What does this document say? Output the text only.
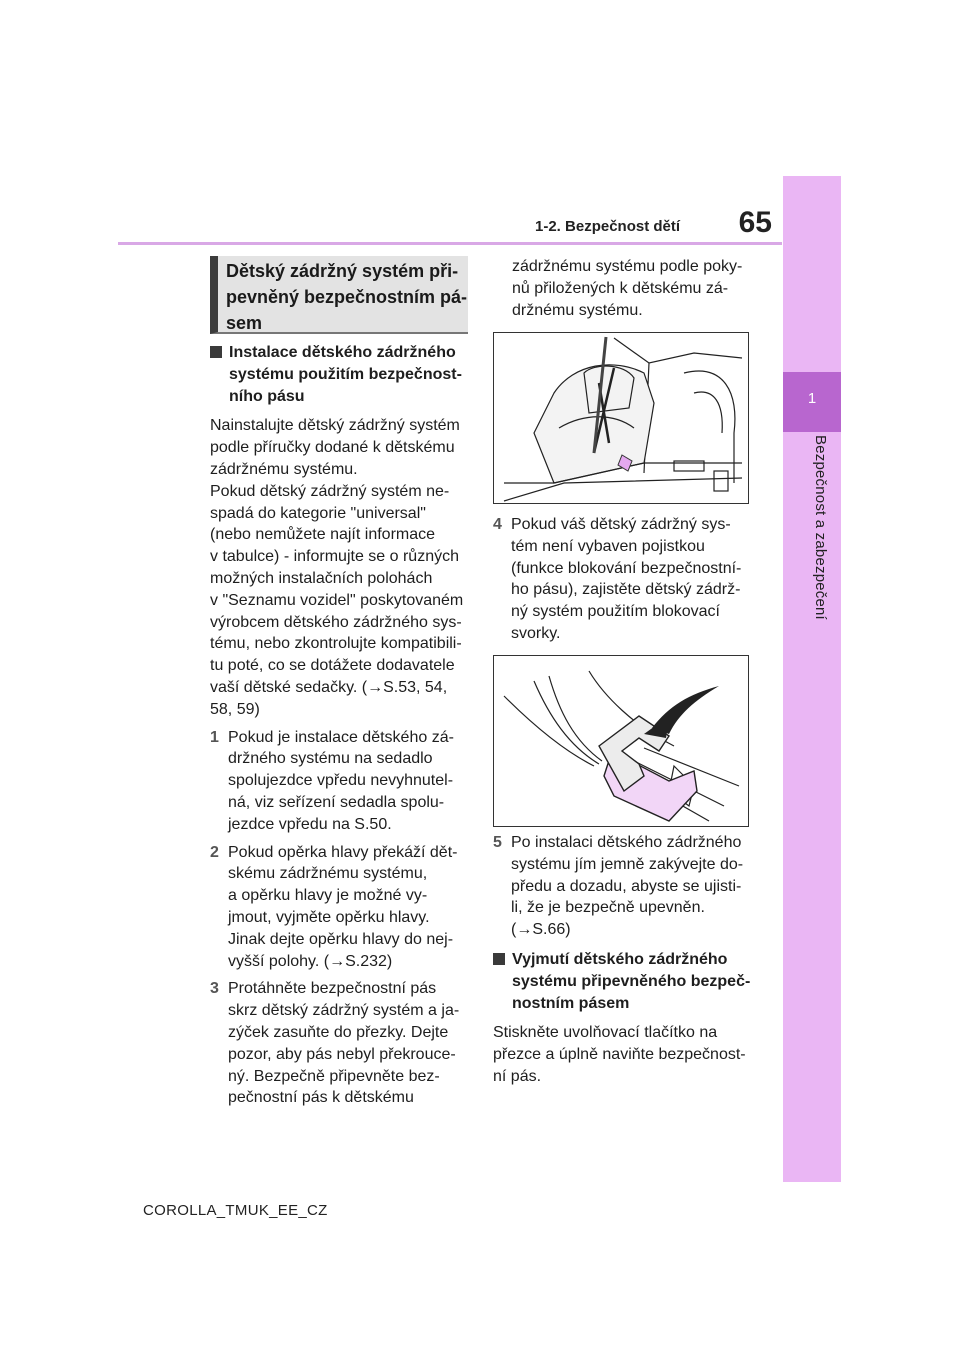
1-2. Bezpečnost dětí	65
1
Bezpečnost a zabezpečení
Dětský zádržný systém při-
pevněný bezpečnostním pá-
sem
Instalace dětského zádržného
systému použitím bezpečnost-
ního pásu
Nainstalujte dětský zádržný systém
podle příručky dodané k dětskému
zádržnému systému.
Pokud dětský zádržný systém ne-
spadá do kategorie "universal"
(nebo nemůžete najít informace
v tabulce) - informujte se o různých
možných instalačních polohách
v "Seznamu vozidel" poskytovaném
výrobcem dětského zádržného sys-
tému, nebo zkontrolujte kompatibili-
tu poté, co se dotážete dodavatele
vaší dětské sedačky. (→S.53, 54,
58, 59)
1 Pokud je instalace dětského zá-
držného systému na sedadlo
spolujezdce vpředu nevyhnutel-
ná, viz seřízení sedadla spolu-
jezdce vpředu na S.50.
2 Pokud opěrka hlavy překáží dět-
skému zádržnému systému,
a opěrku hlavy je možné vy-
jmout, vyjměte opěrku hlavy.
Jinak dejte opěrku hlavy do nej-
vyšší polohy. (→S.232)
3 Protáhněte bezpečnostní pás
skrz dětský zádržný systém a ja-
zýček zasuňte do přezky. Dejte
pozor, aby pás nebyl překrouce-
ný. Bezpečně připevněte bez-
pečnostní pás k dětskému
zádržnému systému podle poky-
nů přiložených k dětskému zá-
držnému systému.
4 Pokud váš dětský zádržný sys-
tém není vybaven pojistkou
(funkce blokování bezpečnostní-
ho pásu), zajistěte dětský zádrž-
ný systém použitím blokovací
svorky.
5 Po instalaci dětského zádržného
systému jím jemně zakývejte do-
předu a dozadu, abyste se ujisti-
li, že je bezpečně upevněn.
(→S.66)
Vyjmutí dětského zádržného
systému připevněného bezpeč-
nostním pásem
Stiskněte uvolňovací tlačítko na
přezce a úplně naviňte bezpečnost-
ní pás.
COROLLA_TMUK_EE_CZ
